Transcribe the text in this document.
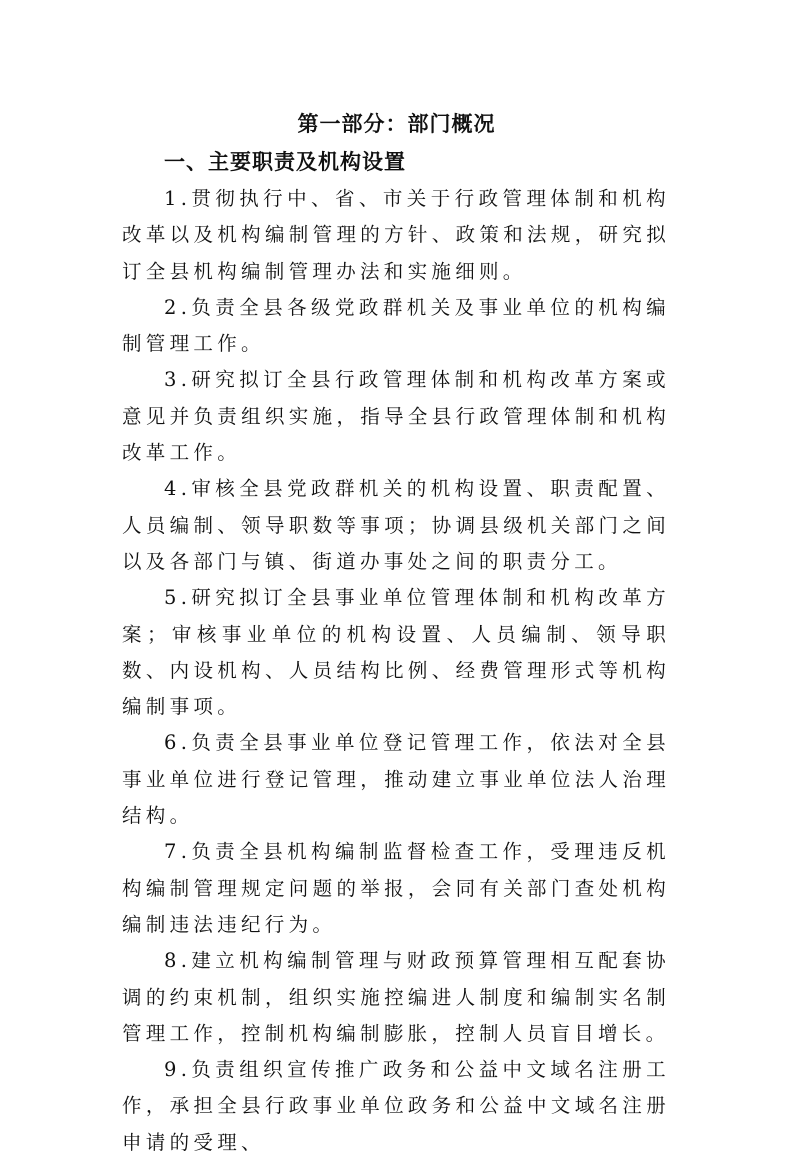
第一部分：部门概况
一、主要职责及机构设置

1.贯彻执行中、省、市关于行政管理体制和机构改革以及机构编制管理的方针、政策和法规，研究拟订全县机构编制管理办法和实施细则。

2.负责全县各级党政群机关及事业单位的机构编制管理工作。

3.研究拟订全县行政管理体制和机构改革方案或意见并负责组织实施，指导全县行政管理体制和机构改革工作。

4.审核全县党政群机关的机构设置、职责配置、人员编制、领导职数等事项；协调县级机关部门之间以及各部门与镇、街道办事处之间的职责分工。

5.研究拟订全县事业单位管理体制和机构改革方案；审核事业单位的机构设置、人员编制、领导职数、内设机构、人员结构比例、经费管理形式等机构编制事项。

6.负责全县事业单位登记管理工作，依法对全县事业单位进行登记管理，推动建立事业单位法人治理结构。

7.负责全县机构编制监督检查工作，受理违反机构编制管理规定问题的举报，会同有关部门查处机构编制违法违纪行为。

8.建立机构编制管理与财政预算管理相互配套协调的约束机制，组织实施控编进人制度和编制实名制管理工作，控制机构编制膨胀，控制人员盲目增长。

9.负责组织宣传推广政务和公益中文域名注册工作，承担全县行政事业单位政务和公益中文域名注册申请的受理、
